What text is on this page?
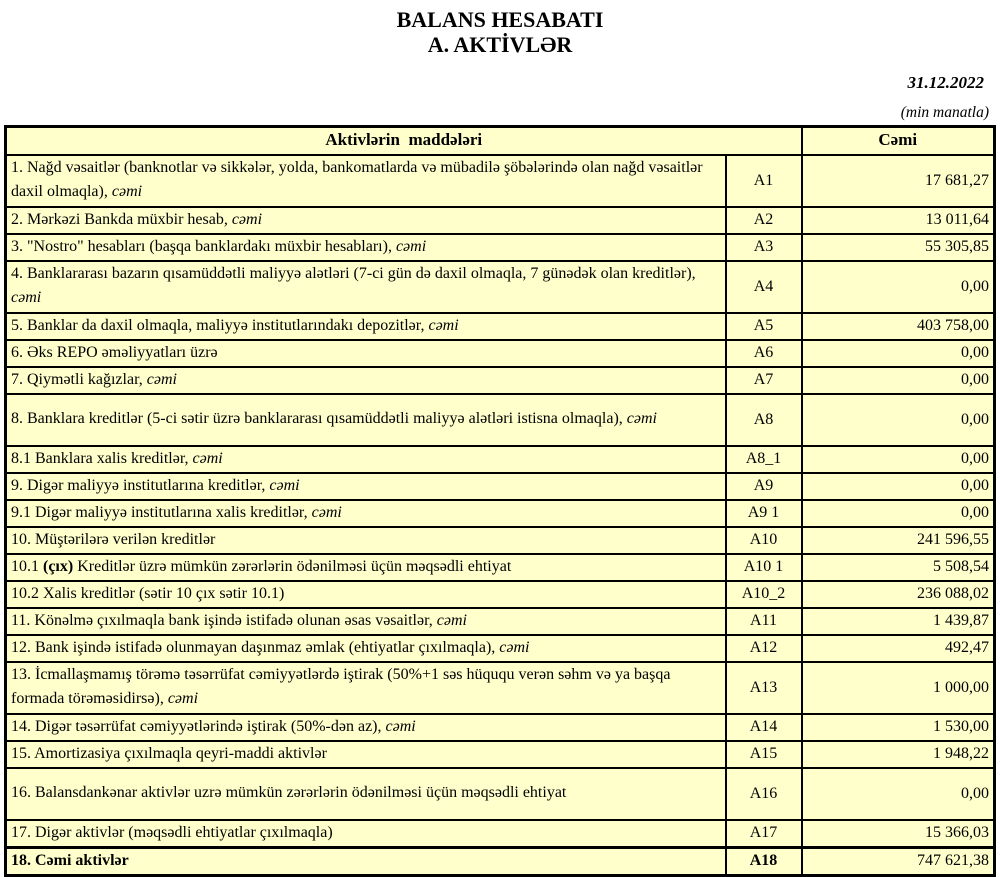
BALANS HESABATI
A. AKTİVLƏR
31.12.2022
(min manatla)
Aktivlərin  maddələri		Cəmi
1. Nağd vəsaitlər (banknotlar və sikkələr, yolda, bankomatlarda və mübadilə şöbələrində olan nağd vəsaitlər daxil olmaqla), cəmi	A1	17 681,27
2. Mərkəzi Bankda müxbir hesab, cəmi	A2	13 011,64
3. "Nostro" hesabları (başqa banklardakı müxbir hesabları), cəmi	A3	55 305,85
4. Banklararası bazarın qısamüddətli maliyyə alətləri (7-ci gün də daxil olmaqla, 7 günədək olan kreditlər), cəmi	A4	0,00
5. Banklar da daxil olmaqla, maliyyə institutlarındakı depozitlər, cəmi	A5	403 758,00
6. Əks REPO əməliyyatları üzrə	A6	0,00
7. Qiymətli kağızlar, cəmi	A7	0,00
8. Banklara kreditlər (5-ci sətir üzrə banklararası qısamüddətli maliyyə alətləri istisna olmaqla), cəmi	A8	0,00
8.1 Banklara xalis kreditlər, cəmi	A8_1	0,00
9. Digər maliyyə institutlarına kreditlər, cəmi	A9	0,00
9.1 Digər maliyyə institutlarına xalis kreditlər, cəmi	A9 1	0,00
10. Müştərilərə verilən kreditlər	A10	241 596,55
10.1 (çıx) Kreditlər üzrə mümkün zərərlərin ödənilməsi üçün məqsədli ehtiyat	A10 1	5 508,54
10.2 Xalis kreditlər (sətir 10 çıx sətir 10.1)	A10_2	236 088,02
11. Könəlmə çıxılmaqla bank işində istifadə olunan əsas vəsaitlər, cəmi	A11	1 439,87
12. Bank işində istifadə olunmayan daşınmaz əmlak (ehtiyatlar çıxılmaqla), cəmi	A12	492,47
13. İcmallaşmamış törəmə təsərrüfat cəmiyyətlərdə iştirak (50%+1 səs hüququ verən səhm və ya başqa formada törəməsidirsə), cəmi	A13	1 000,00
14. Digər təsərrüfat cəmiyyətlərində iştirak (50%-dən az), cəmi	A14	1 530,00
15. Amortizasiya çıxılmaqla qeyri-maddi aktivlər	A15	1 948,22
16. Balansdankənar aktivlər uzrə mümkün zərərlərin ödənilməsi üçün məqsədli ehtiyat	A16	0,00
17. Digər aktivlər (məqsədli ehtiyatlar çıxılmaqla)	A17	15 366,03
18. Cəmi aktivlər	A18	747 621,38
